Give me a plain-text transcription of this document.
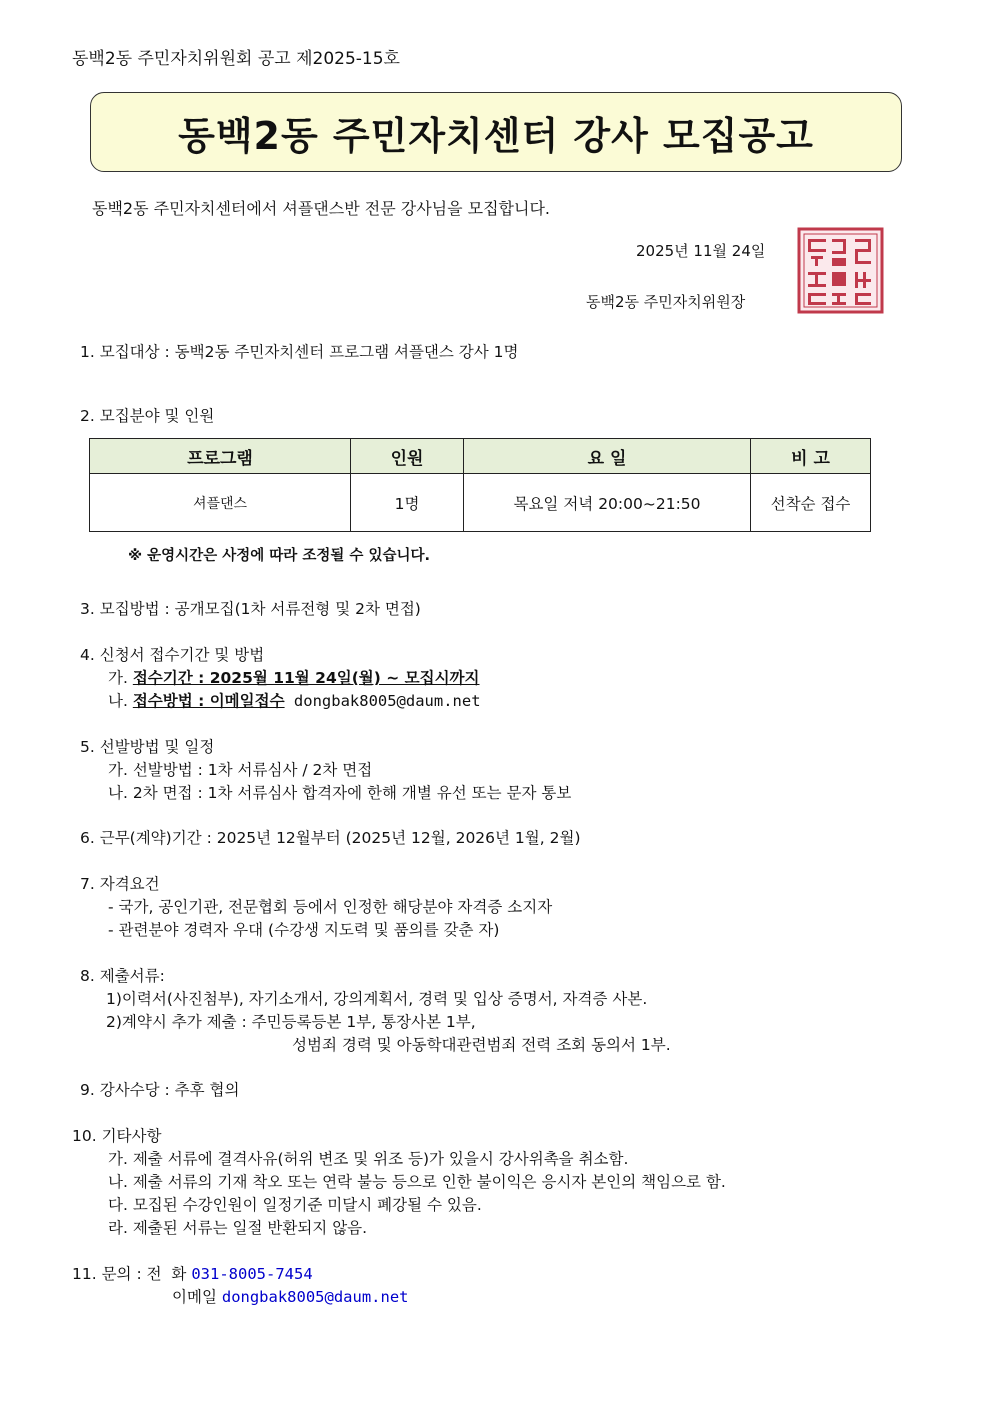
동백2동 주민자치위원회 공고 제2025-15호
동백2동 주민자치센터 강사 모집공고
동백2동 주민자치센터에서 셔플댄스반 전문 강사님을 모집합니다.
2025년 11월 24일
동백2동 주민자치위원장
1. 모집대상 : 동백2동 주민자치센터 프로그램 셔플댄스 강사 1명
2. 모집분야 및 인원
프로그램	인원	요 일	비 고
셔플댄스	1명	목요일 저녁 20:00~21:50	선착순 접수
※ 운영시간은 사정에 따라 조정될 수 있습니다.
3. 모집방법 : 공개모집(1차 서류전형 및 2차 면접)
4. 신청서 접수기간 및 방법
가. 접수기간 : 2025월 11월 24일(월) ~ 모집시까지
나. 접수방법 : 이메일접수 dongbak8005@daum.net
5. 선발방법 및 일정
가. 선발방법 : 1차 서류심사 / 2차 면접
나. 2차 면접 : 1차 서류심사 합격자에 한해 개별 유선 또는 문자 통보
6. 근무(계약)기간 : 2025년 12월부터 (2025년 12월, 2026년 1월, 2월)
7. 자격요건
- 국가, 공인기관, 전문협회 등에서 인정한 해당분야 자격증 소지자
- 관련분야 경력자 우대 (수강생 지도력 및 품의를 갖춘 자)
8. 제출서류:
1)이력서(사진첨부), 자기소개서, 강의계획서, 경력 및 입상 증명서, 자격증 사본.
2)계약시 추가 제출 : 주민등록등본 1부, 통장사본 1부,
성범죄 경력 및 아동학대관련범죄 전력 조회 동의서 1부.
9. 강사수당 : 추후 협의
10. 기타사항
가. 제출 서류에 결격사유(허위 변조 및 위조 등)가 있을시 강사위촉을 취소함.
나. 제출 서류의 기재 착오 또는 연락 불능 등으로 인한 불이익은 응시자 본인의 책임으로 함.
다. 모집된 수강인원이 일정기준 미달시 폐강될 수 있음.
라. 제출된 서류는 일절 반환되지 않음.
11. 문의 : 전  화 031-8005-7454
이메일 dongbak8005@daum.net
